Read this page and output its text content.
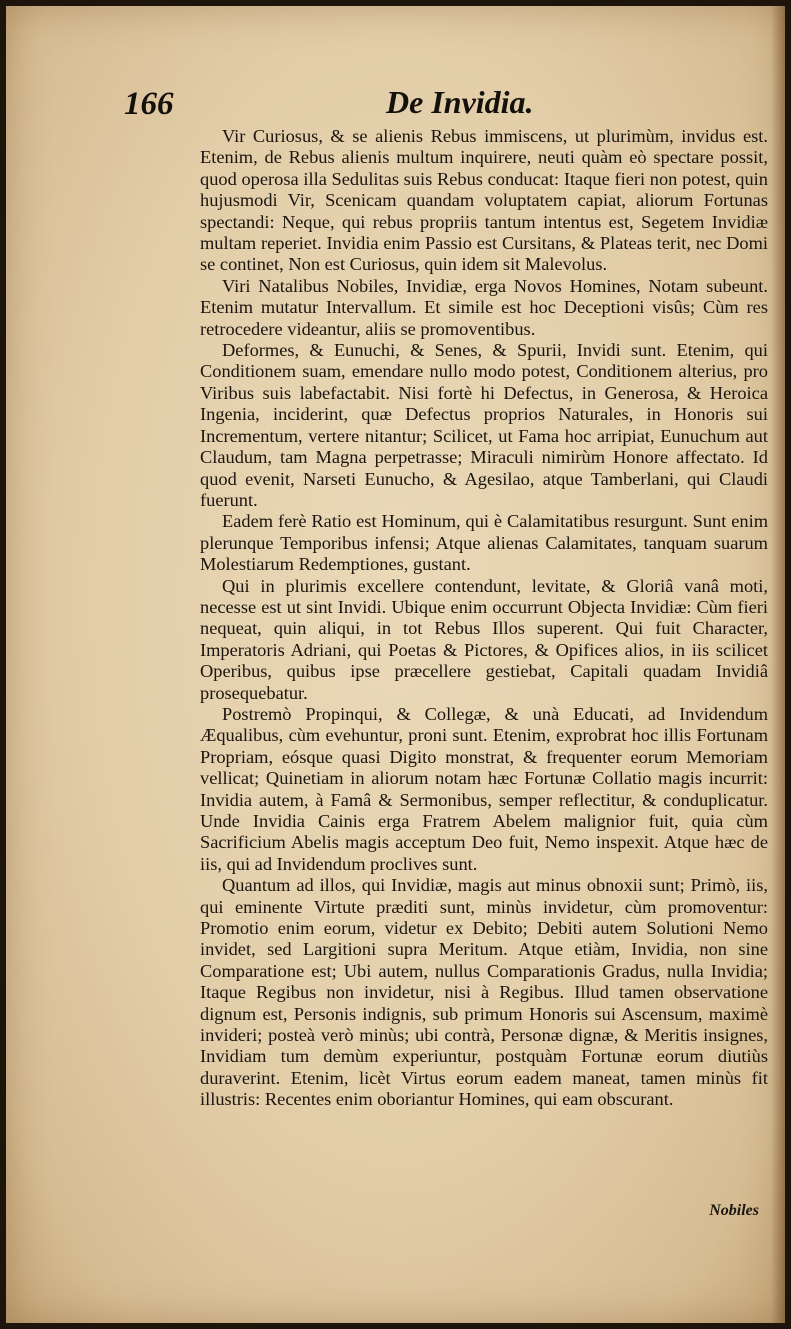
166	De Invidia.

Vir Curiosus, & se alienis Rebus immiscens, ut plurimùm, invidus est. Etenim, de Rebus alienis multum inquirere, neuti quàm eò spectare possit, quod operosa illa Sedulitas suis Rebus conducat: Itaque fieri non potest, quin hujusmodi Vir, Scenicam quandam voluptatem capiat, aliorum Fortunas spectandi: Neque, qui rebus propriis tantum intentus est, Segetem Invidiæ multam reperiet. Invidia enim Passio est Cursitans, & Plateas terit, nec Domi se continet, Non est Curiosus, quin idem sit Malevolus.

Viri Natalibus Nobiles, Invidiæ, erga Novos Homines, Notam subeunt. Etenim mutatur Intervallum. Et simile est hoc Deceptioni visûs; Cùm res retrocedere videantur, aliis se promoventibus.

Deformes, & Eunuchi, & Senes, & Spurii, Invidi sunt. Etenim, qui Conditionem suam, emendare nullo modo potest, Conditionem alterius, pro Viribus suis labefactabit. Nisi fortè hi Defectus, in Generosa, & Heroica Ingenia, inciderint, quæ Defectus proprios Naturales, in Honoris sui Incrementum, vertere nitantur; Scilicet, ut Fama hoc arripiat, Eunuchum aut Claudum, tam Magna perpetrasse; Miraculi nimirùm Honore affectato. Id quod evenit, Narseti Eunucho, & Agesilao, atque Tamberlani, qui Claudi fuerunt.

Eadem ferè Ratio est Hominum, qui è Calamitatibus resurgunt. Sunt enim plerunque Temporibus infensi; Atque alienas Calamitates, tanquam suarum Molestiarum Redemptiones, gustant.

Qui in plurimis excellere contendunt, levitate, & Gloriâ vanâ moti, necesse est ut sint Invidi. Ubique enim occurrunt Objecta Invidiæ: Cùm fieri nequeat, quin aliqui, in tot Rebus Illos superent. Qui fuit Character, Imperatoris Adriani, qui Poetas & Pictores, & Opifices alios, in iis scilicet Operibus, quibus ipse præcellere gestiebat, Capitali quadam Invidiâ prosequebatur.

Postremò Propinqui, & Collegæ, & unà Educati, ad Invidendum Æqualibus, cùm evehuntur, proni sunt. Etenim, exprobrat hoc illis Fortunam Propriam, eósque quasi Digito monstrat, & frequenter eorum Memoriam vellicat; Quinetiam in aliorum notam hæc Fortunæ Collatio magis incurrit: Invidia autem, à Famâ & Sermonibus, semper reflectitur, & conduplicatur. Unde Invidia Cainis erga Fratrem Abelem malignior fuit, quia cùm Sacrificium Abelis magis acceptum Deo fuit, Nemo inspexit. Atque hæc de iis, qui ad Invidendum proclives sunt.

Quantum ad illos, qui Invidiæ, magis aut minus obnoxii sunt; Primò, iis, qui eminente Virtute præditi sunt, minùs invidetur, cùm promoventur: Promotio enim eorum, videtur ex Debito; Debiti autem Solutioni Nemo invidet, sed Largitioni supra Meritum. Atque etiàm, Invidia, non sine Comparatione est; Ubi autem, nullus Comparationis Gradus, nulla Invidia; Itaque Regibus non invidetur, nisi à Regibus. Illud tamen observatione dignum est, Personis indignis, sub primum Honoris sui Ascensum, maximè invideri; posteà verò minùs; ubi contrà, Personæ dignæ, & Meritis insignes, Invidiam tum demùm experiuntur, postquàm Fortunæ eorum diutiùs duraverint. Etenim, licèt Virtus eorum eadem maneat, tamen minùs fit illustris: Recentes enim oboriantur Homines, qui eam obscurant.

Nobiles
